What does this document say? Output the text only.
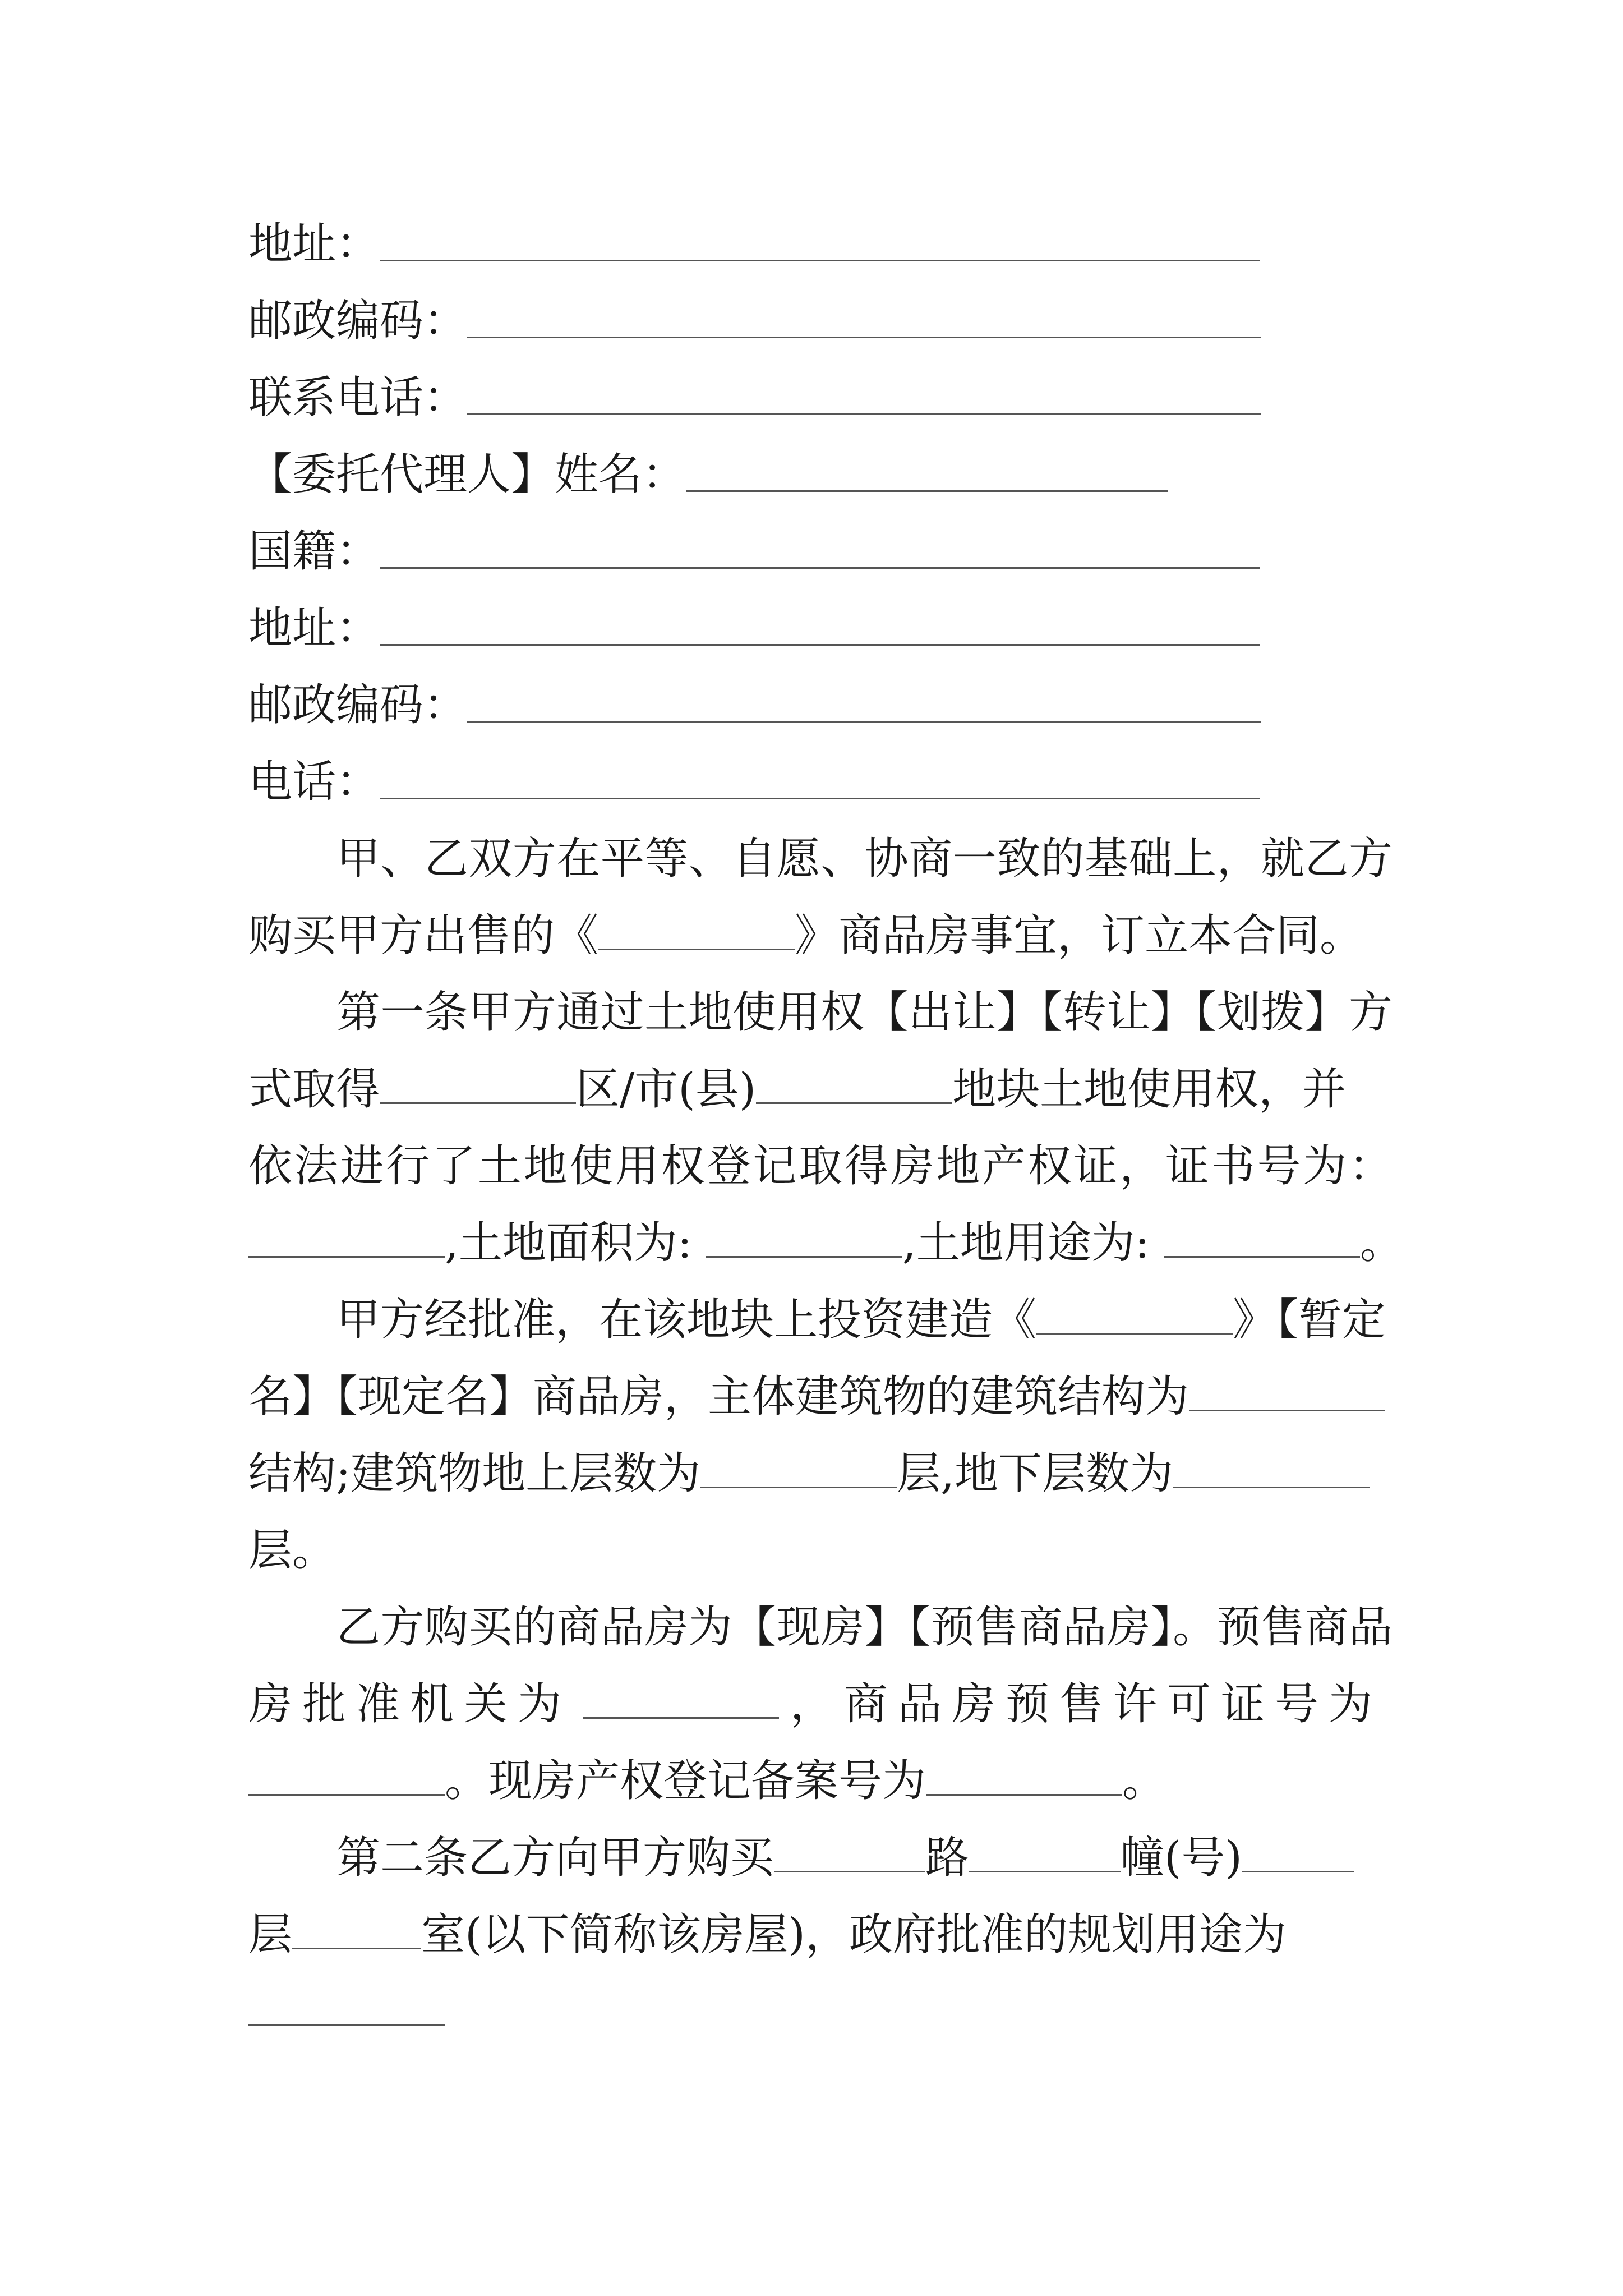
地址：
邮政编码：
联系电话：
【委托代理人】姓名：
国籍：
地址：
邮政编码：
电话：
甲、乙双方在平等、自愿、协商一致的基础上，就乙方
购买甲方出售的《	》商品房事宜，订立本合同。
第一条甲方通过土地使用权【出让】【转让】【划拨】方
式取得	区/市(县)	地块土地使用权，并
依法进行了土地使用权登记取得房地产权证，证书号为：
,土地面积为:	,土地用途为:	。
甲方经批准，在该地块上投资建造《	》【暂定
名】【现定名】商品房，主体建筑物的建筑结构为
结构;建筑物地上层数为	层,地下层数为
层。
乙方购买的商品房为【现房】【预售商品房】。预售商品
房批准机关为	，商品房预售许可证号为
。现房产权登记备案号为	。
第二条乙方向甲方购买	路	幢(号)
层	室(以下简称该房屋)，政府批准的规划用途为
